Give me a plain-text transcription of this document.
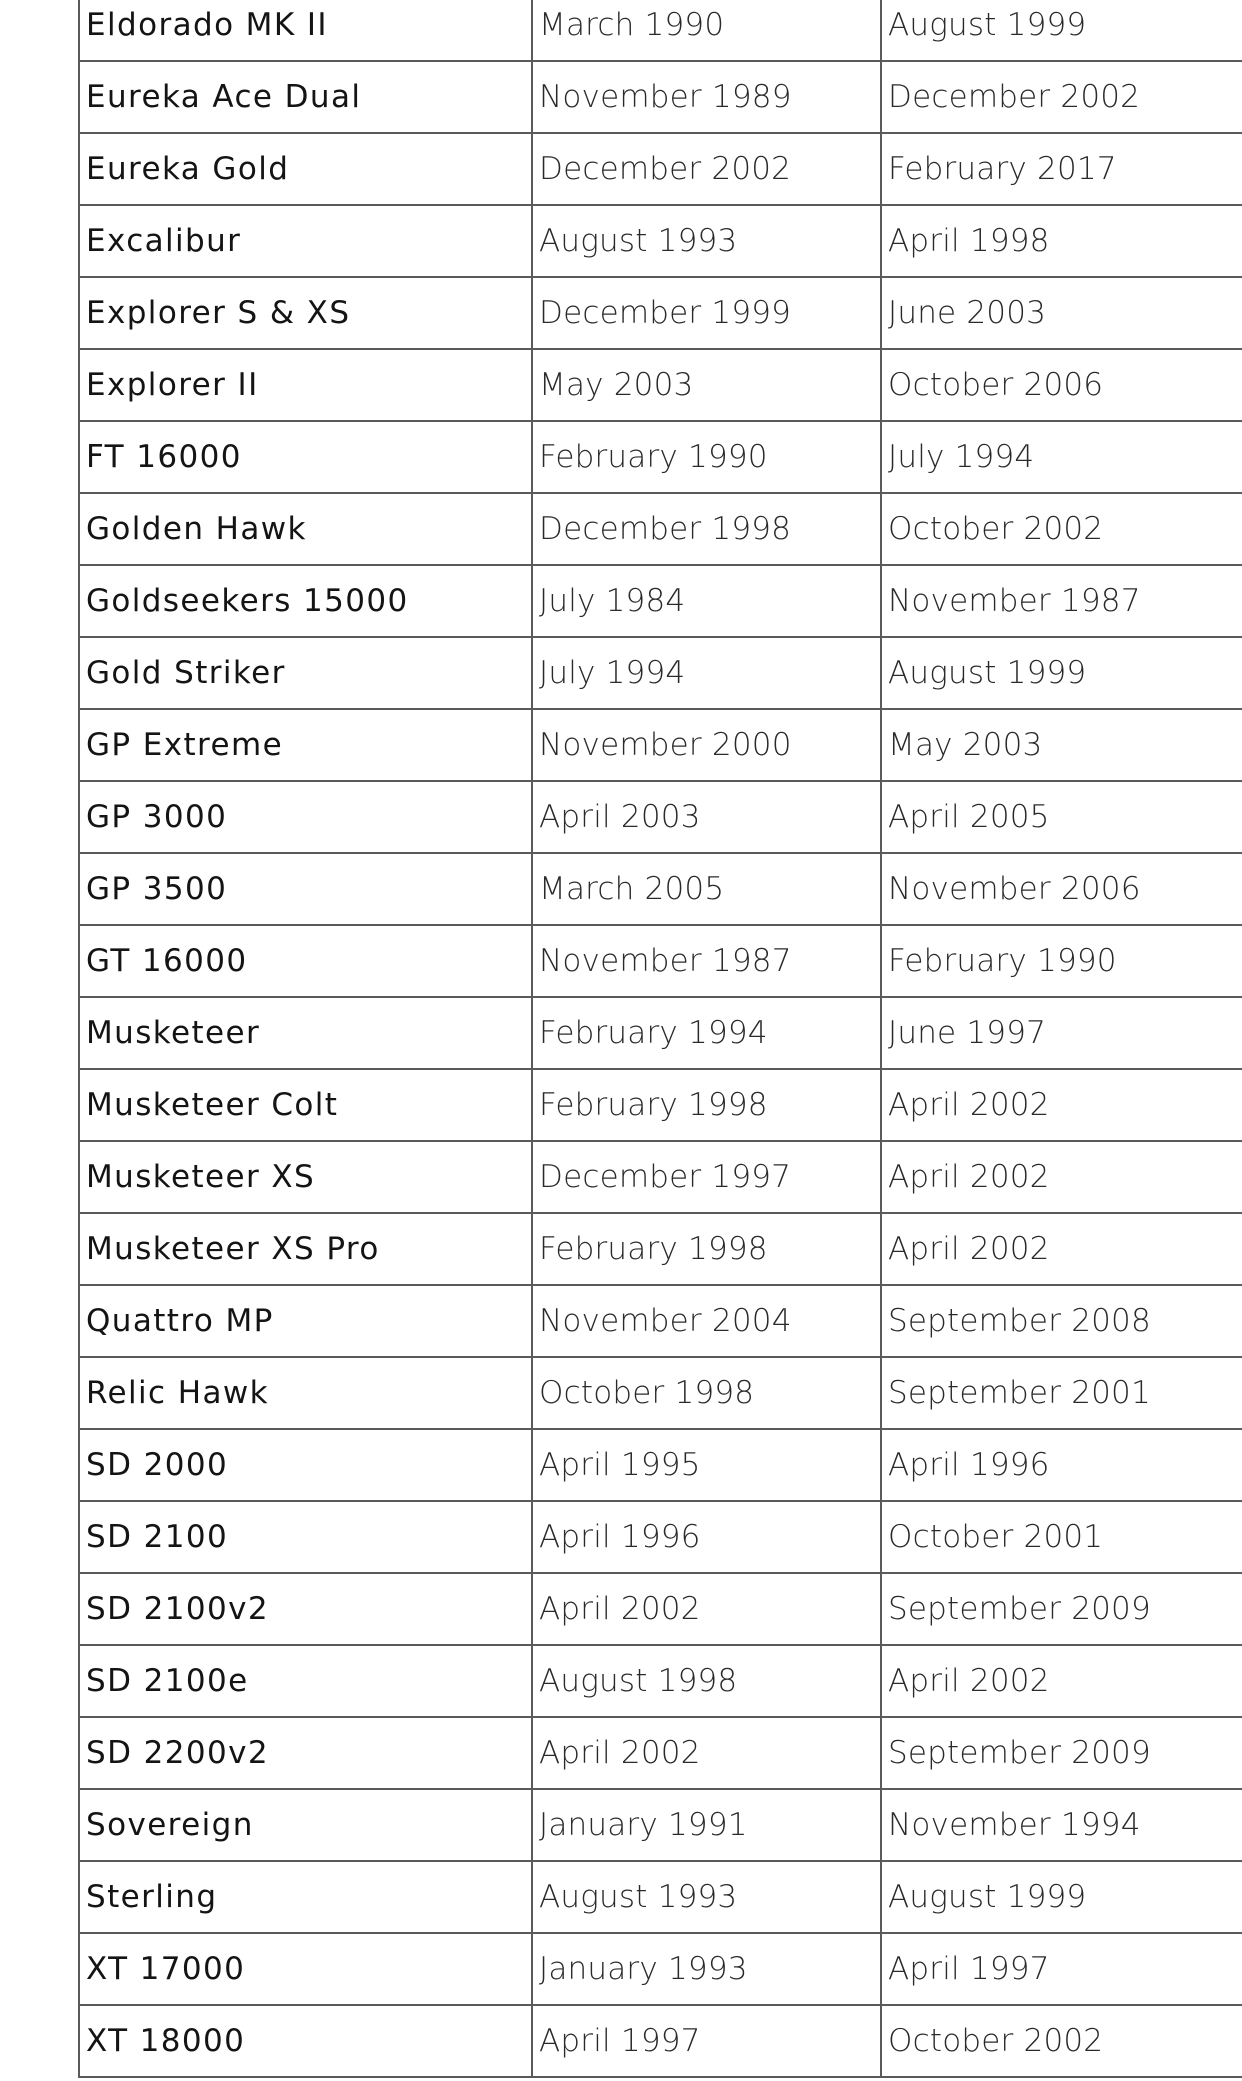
Eldorado MK II	March 1990	August 1999
Eureka Ace Dual	November 1989	December 2002
Eureka Gold	December 2002	February 2017
Excalibur	August 1993	April 1998
Explorer S & XS	December 1999	June 2003
Explorer II	May 2003	October 2006
FT 16000	February 1990	July 1994
Golden Hawk	December 1998	October 2002
Goldseekers 15000	July 1984	November 1987
Gold Striker	July 1994	August 1999
GP Extreme	November 2000	May 2003
GP 3000	April 2003	April 2005
GP 3500	March 2005	November 2006
GT 16000	November 1987	February 1990
Musketeer	February 1994	June 1997
Musketeer Colt	February 1998	April 2002
Musketeer XS	December 1997	April 2002
Musketeer XS Pro	February 1998	April 2002
Quattro MP	November 2004	September 2008
Relic Hawk	October 1998	September 2001
SD 2000	April 1995	April 1996
SD 2100	April 1996	October 2001
SD 2100v2	April 2002	September 2009
SD 2100e	August 1998	April 2002
SD 2200v2	April 2002	September 2009
Sovereign	January 1991	November 1994
Sterling	August 1993	August 1999
XT 17000	January 1993	April 1997
XT 18000	April 1997	October 2002
